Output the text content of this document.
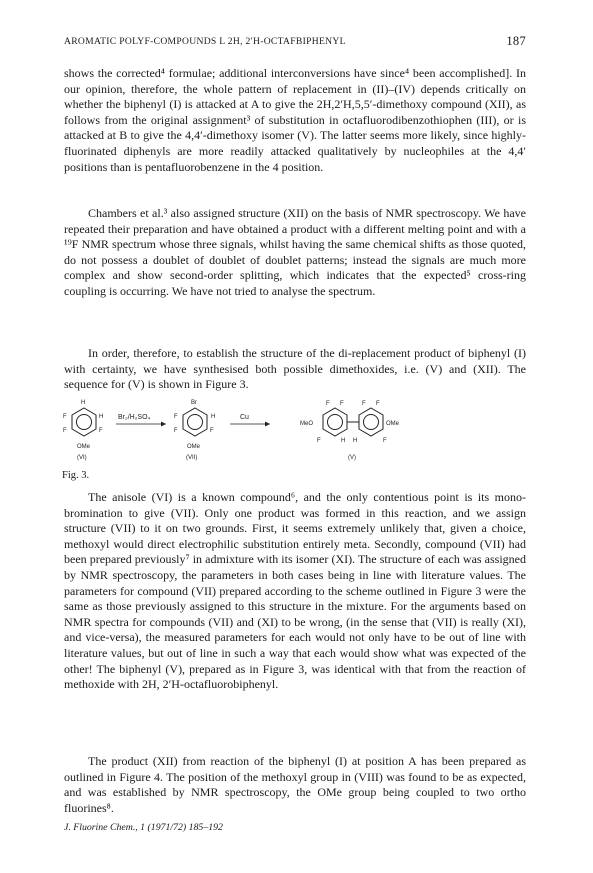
AROMATIC POLYF-COMPOUNDS L 2H, 2′H-OCTAFBIPHENYL	187

shows the corrected⁴ formulae; additional interconversions have since⁴ been accomplished]. In our opinion, therefore, the whole pattern of replacement in (II)–(IV) depends critically on whether the biphenyl (I) is attacked at A to give the 2H,2′H,5,5′-dimethoxy compound (XII), as follows from the original assignment³ of substitution in octafluorodibenzothiophen (III), or is attacked at B to give the 4,4′-dimethoxy isomer (V). The latter seems more likely, since highly-fluorinated diphenyls are more readily attacked qualitatively by nucleophiles at the 4,4′ positions than is pentafluorobenzene in the 4 position.

Chambers et al.³ also assigned structure (XII) on the basis of NMR spectroscopy. We have repeated their preparation and have obtained a product with a different melting point and with a ¹⁹F NMR spectrum whose three signals, whilst having the same chemical shifts as those quoted, do not possess a doublet of doublet of doublet patterns; instead the signals are much more complex and show second-order splitting, which indicates that the expected⁵ cross-ring coupling is occurring. We have not tried to analyse the spectrum.

In order, therefore, to establish the structure of the di-replacement product of biphenyl (I) with certainty, we have synthesised both possible dimethoxides, i.e. (V) and (XII). The sequence for (V) is shown in Figure 3.

H
F	H
F	F
OMe
(VI)
Br₂/H₂SO₄
Br
F	H
F	F
OMe
(VII)
Cu
MeO	OMe
F F	F F
F	H H	F
(V)
Fig. 3.

The anisole (VI) is a known compound⁶, and the only contentious point is its mono-bromination to give (VII). Only one product was formed in this reaction, and we assign structure (VII) to it on two grounds. First, it seems extremely unlikely that, given a choice, methoxyl would direct electrophilic substitution entirely meta. Secondly, compound (VII) had been prepared previously⁷ in admixture with its isomer (XI). The structure of each was assigned by NMR spectroscopy, the parameters in both cases being in line with literature values. The parameters for compound (VII) prepared according to the scheme outlined in Figure 3 were the same as those previously assigned to this structure in the mixture. For the arguments based on NMR spectra for compounds (VII) and (XI) to be wrong, (in the sense that (VII) is really (XI), and vice-versa), the measured parameters for each would not only have to be out of line with literature values, but out of line in such a way that each would show what was expected of the other! The biphenyl (V), prepared as in Figure 3, was identical with that from the reaction of methoxide with 2H, 2′H-octafluorobiphenyl.

The product (XII) from reaction of the biphenyl (I) at position A has been prepared as outlined in Figure 4. The position of the methoxyl group in (VIII) was found to be as expected, and was established by NMR spectroscopy, the OMe group being coupled to two ortho fluorines⁸.

J. Fluorine Chem., 1 (1971/72) 185–192
